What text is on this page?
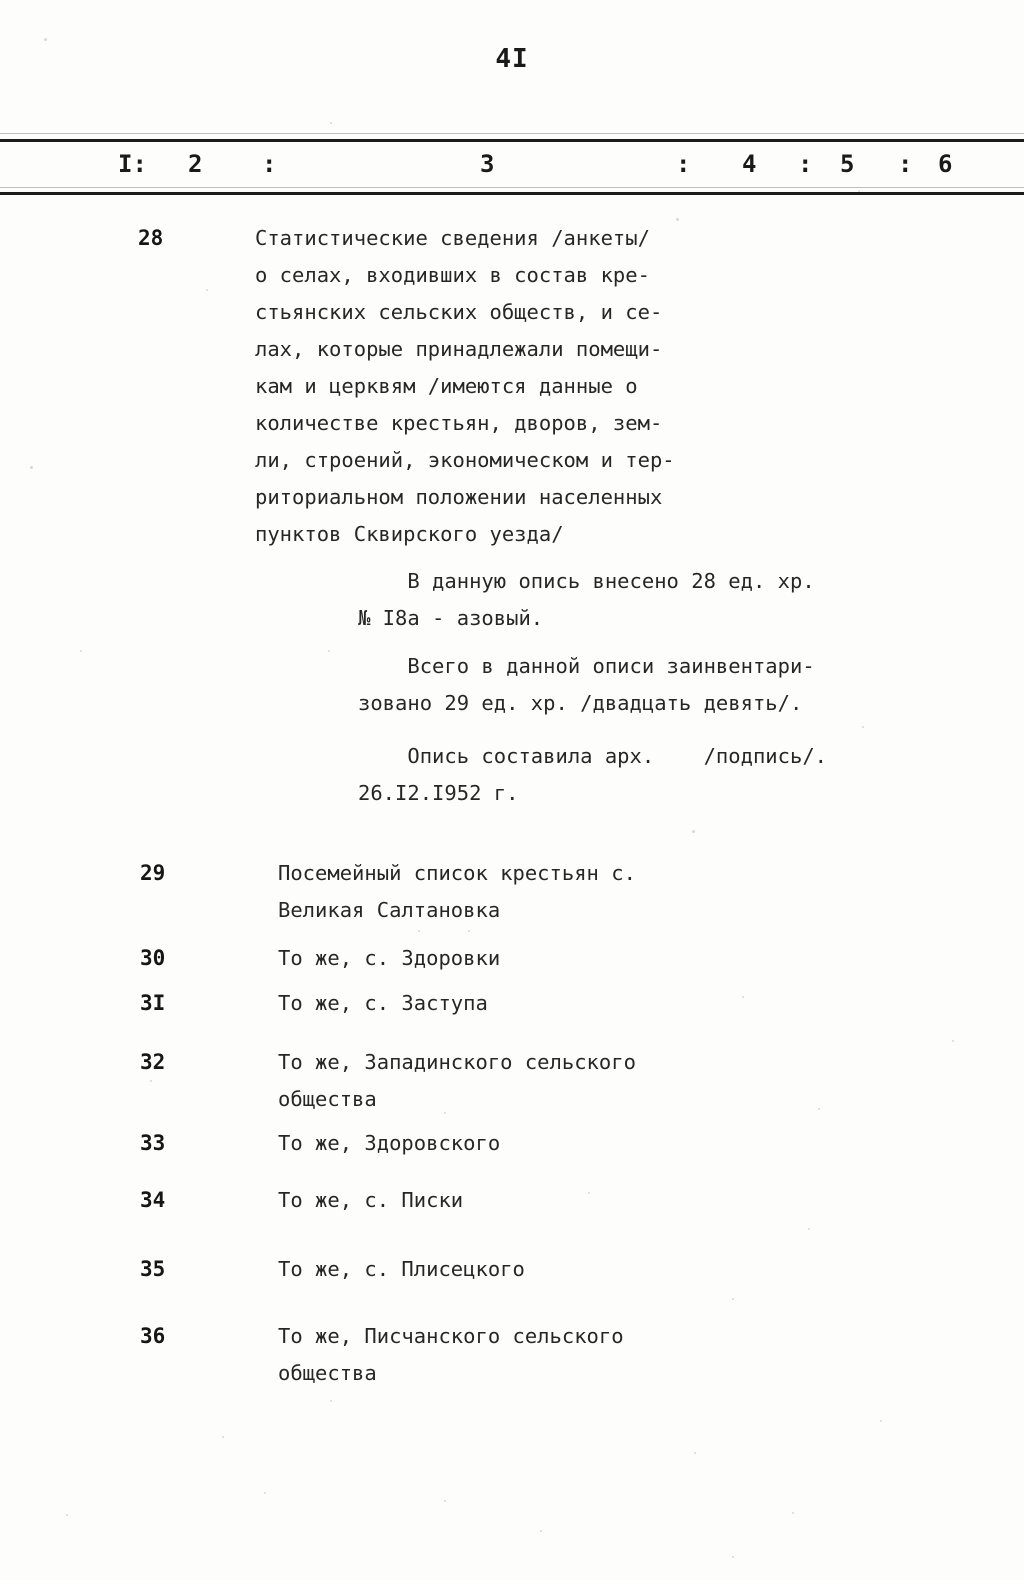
4I
I: 2 :	3	: 4 : 5 : 6
28	Статистические сведения /анкеты/
о селах, входивших в состав кре-
стьянских сельских обществ, и се-
лах, которые принадлежали помещи-
кам и церквям /имеются данные о
количестве крестьян, дворов, зем-
ли, строений, экономическом и тер-
риториальном положении населенных
пунктов Сквирского уезда/
В данную опись внесено 28 ед. хр.
№ I8а - азовый.
Всего в данной описи заинвентари-
зовано 29 ед. хр. /двадцать девять/.
Опись составила арх.    /подпись/.
26.I2.I952 г.
29	Посемейный список крестьян с.
Великая Салтановка
30	То же, с. Здоровки
3I	То же, с. Заступа
32	То же, Западинского сельского
общества
33	То же, Здоровского
34	То же, с. Писки
35	То же, с. Плисецкого
36	То же, Писчанского сельского
общества
